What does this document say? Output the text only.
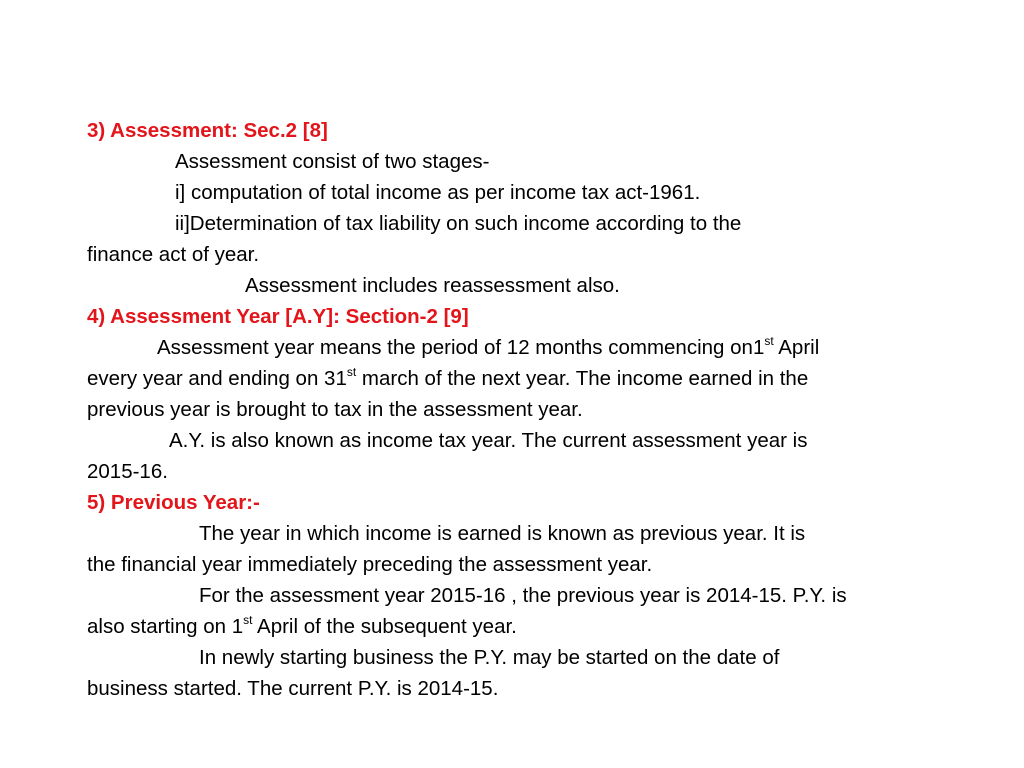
3) Assessment: Sec.2 [8]
Assessment consist of two stages-
i] computation of total income as per income tax act-1961.
ii]Determination of tax liability on such income according to the
finance act of year.
Assessment includes reassessment also.
4) Assessment Year [A.Y]: Section-2 [9]
Assessment year means the period of 12 months commencing on1st April
every year and ending on 31st march of the next year. The income earned in the
previous year is brought to tax in the assessment year.
A.Y. is also known as income tax year. The current assessment year is
2015-16.
5) Previous Year:-
The year in which income is earned is known as previous year. It is
the financial year immediately preceding the assessment year.
For the assessment year 2015-16 , the previous year is 2014-15. P.Y. is
also starting on 1st April of the subsequent year.
In newly starting business the P.Y. may be started on the date of
business started. The current P.Y. is 2014-15.
